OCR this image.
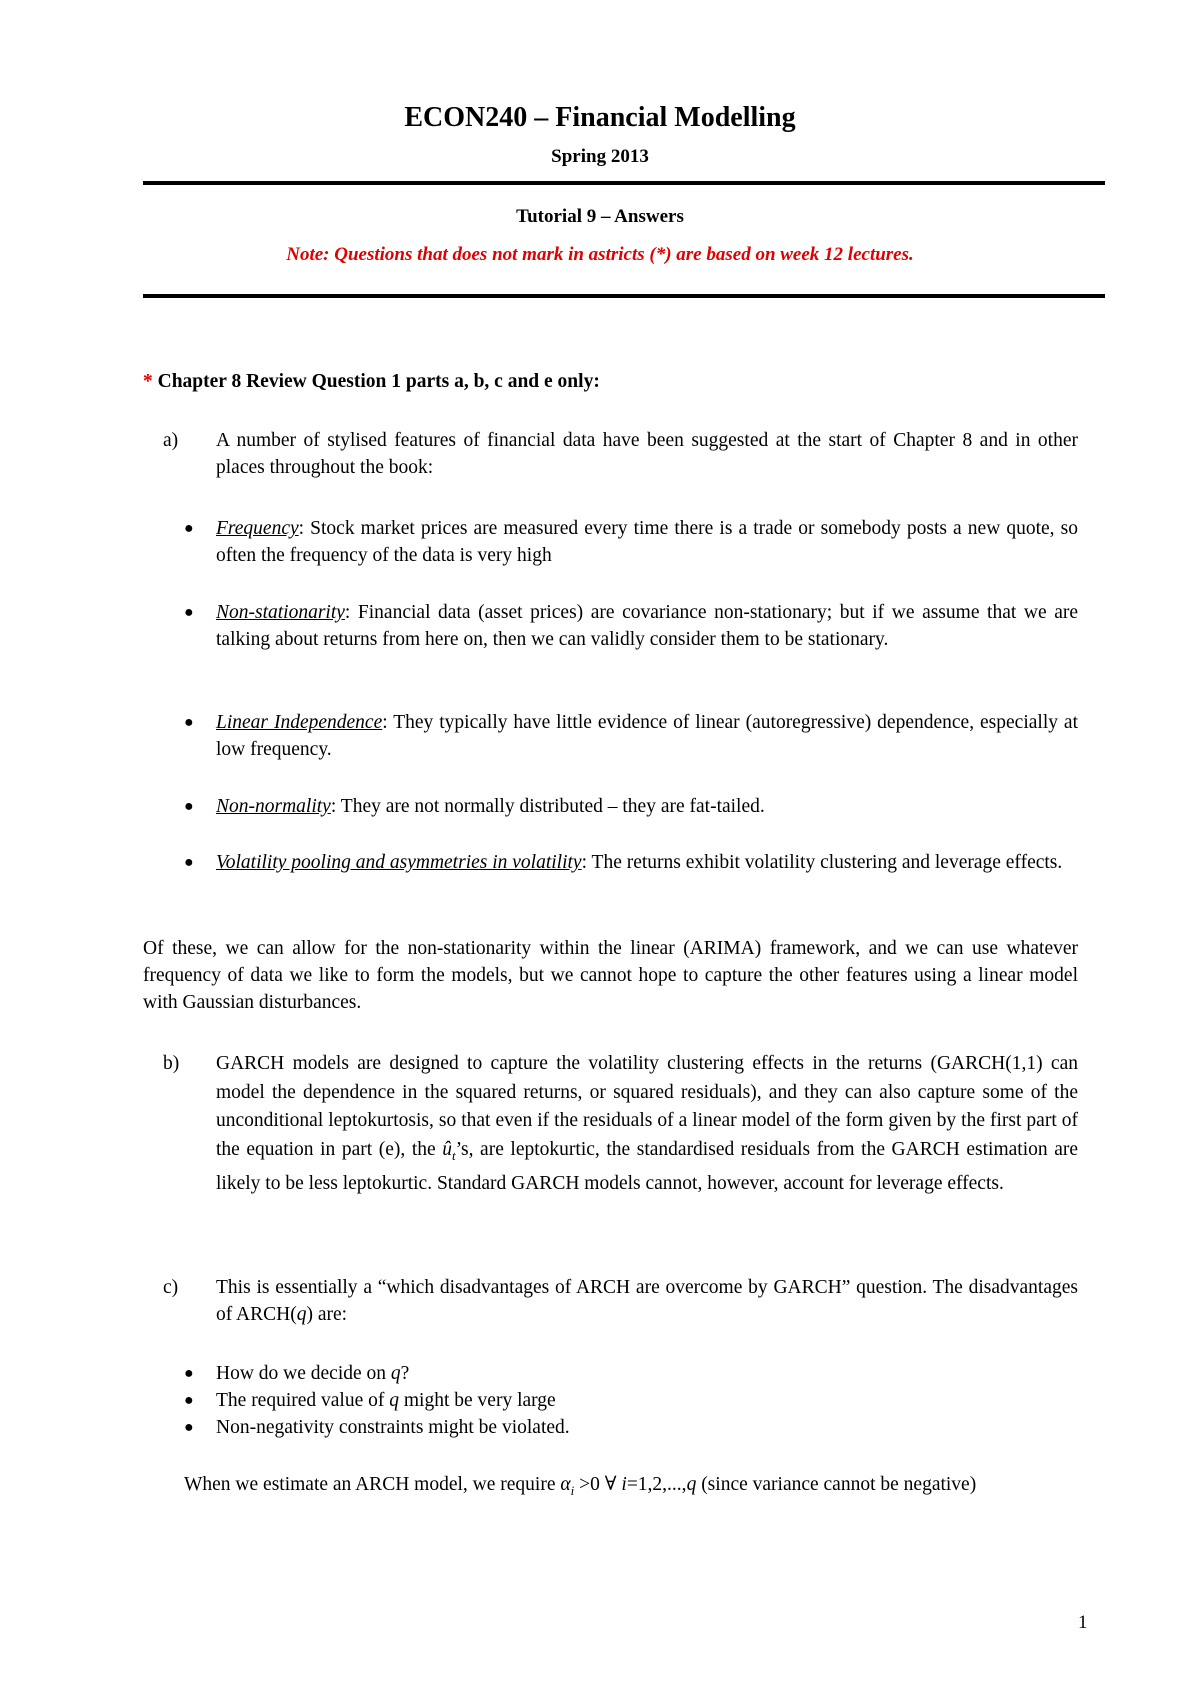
ECON240 – Financial Modelling
Spring 2013
Tutorial 9 – Answers
Note: Questions that does not mark in astricts (*) are based on week 12 lectures.
* Chapter 8 Review Question 1 parts a, b, c and e only:
a) A number of stylised features of financial data have been suggested at the start of Chapter 8 and in other places throughout the book:
● Frequency: Stock market prices are measured every time there is a trade or somebody posts a new quote, so often the frequency of the data is very high
● Non-stationarity: Financial data (asset prices) are covariance non-stationary; but if we assume that we are talking about returns from here on, then we can validly consider them to be stationary.
● Linear Independence: They typically have little evidence of linear (autoregressive) dependence, especially at low frequency.
● Non-normality: They are not normally distributed – they are fat-tailed.
● Volatility pooling and asymmetries in volatility: The returns exhibit volatility clustering and leverage effects.
Of these, we can allow for the non-stationarity within the linear (ARIMA) framework, and we can use whatever frequency of data we like to form the models, but we cannot hope to capture the other features using a linear model with Gaussian disturbances.
b) GARCH models are designed to capture the volatility clustering effects in the returns (GARCH(1,1) can model the dependence in the squared returns, or squared residuals), and they can also capture some of the unconditional leptokurtosis, so that even if the residuals of a linear model of the form given by the first part of the equation in part (e), the $û_t’s$, are leptokurtic, the standardised residuals from the GARCH estimation are likely to be less leptokurtic. Standard GARCH models cannot, however, account for leverage effects.
c) This is essentially a “which disadvantages of ARCH are overcome by GARCH” question. The disadvantages of ARCH(q) are:
● How do we decide on q?
● The required value of q might be very large
● Non-negativity constraints might be violated.
When we estimate an ARCH model, we require $\alpha_i >0$ ∀ i=1,2,...,q (since variance cannot be negative)
1
